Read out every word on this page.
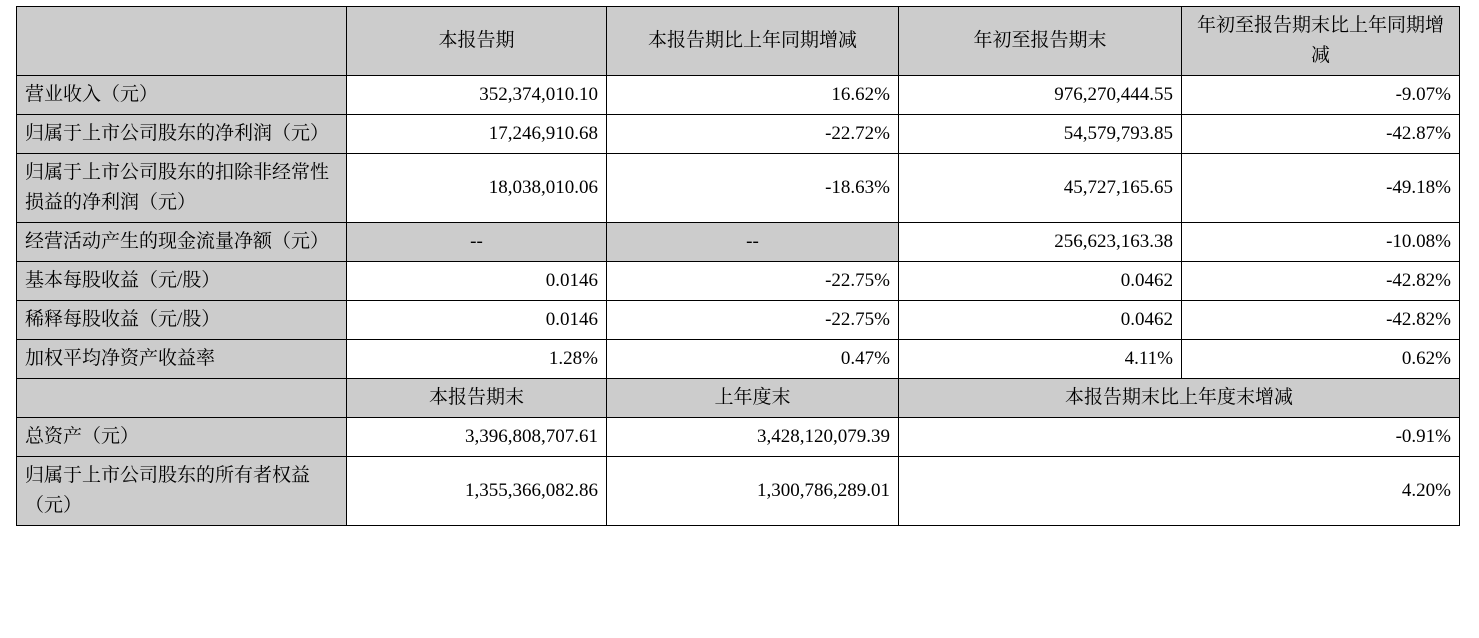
	本报告期	本报告期比上年同期增减	年初至报告期末	年初至报告期末比上年同期增减
营业收入（元）	352,374,010.10	16.62%	976,270,444.55	-9.07%
归属于上市公司股东的净利润（元）	17,246,910.68	-22.72%	54,579,793.85	-42.87%
归属于上市公司股东的扣除非经常性损益的净利润（元）	18,038,010.06	-18.63%	45,727,165.65	-49.18%
经营活动产生的现金流量净额（元）	--	--	256,623,163.38	-10.08%
基本每股收益（元/股）	0.0146	-22.75%	0.0462	-42.82%
稀释每股收益（元/股）	0.0146	-22.75%	0.0462	-42.82%
加权平均净资产收益率	1.28%	0.47%	4.11%	0.62%
	本报告期末	上年度末	本报告期末比上年度末增减	
总资产（元）	3,396,808,707.61	3,428,120,079.39	-0.91%	
归属于上市公司股东的所有者权益（元）	1,355,366,082.86	1,300,786,289.01	4.20%	
